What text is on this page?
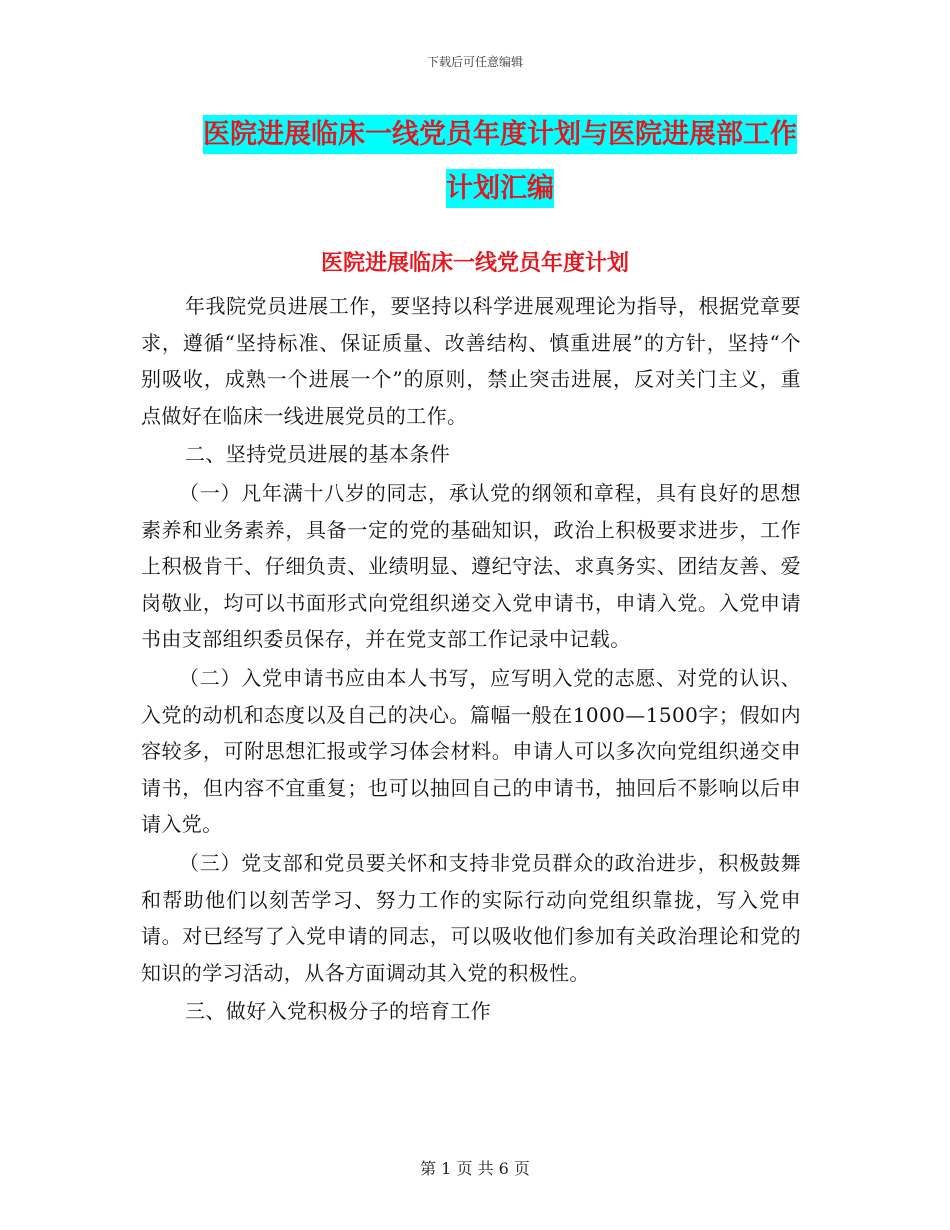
下载后可任意编辑
医院进展临床一线党员年度计划与医院进展部工作计划汇编
医院进展临床一线党员年度计划

年我院党员进展工作，要坚持以科学进展观理论为指导，根据党章要求，遵循“坚持标准、保证质量、改善结构、慎重进展”的方针，坚持“个别吸收，成熟一个进展一个”的原则，禁止突击进展，反对关门主义，重点做好在临床一线进展党员的工作。

二、坚持党员进展的基本条件

（一）凡年满十八岁的同志，承认党的纲领和章程，具有良好的思想素养和业务素养，具备一定的党的基础知识，政治上积极要求进步，工作上积极肯干、仔细负责、业绩明显、遵纪守法、求真务实、团结友善、爱岗敬业，均可以书面形式向党组织递交入党申请书，申请入党。入党申请书由支部组织委员保存，并在党支部工作记录中记载。

（二）入党申请书应由本人书写，应写明入党的志愿、对党的认识、入党的动机和态度以及自己的决心。篇幅一般在1000—1500字；假如内容较多，可附思想汇报或学习体会材料。申请人可以多次向党组织递交申请书，但内容不宜重复；也可以抽回自己的申请书，抽回后不影响以后申请入党。

（三）党支部和党员要关怀和支持非党员群众的政治进步，积极鼓舞和帮助他们以刻苦学习、努力工作的实际行动向党组织靠拢，写入党申请。对已经写了入党申请的同志，可以吸收他们参加有关政治理论和党的知识的学习活动，从各方面调动其入党的积极性。

三、做好入党积极分子的培育工作

第 1 页 共 6 页
